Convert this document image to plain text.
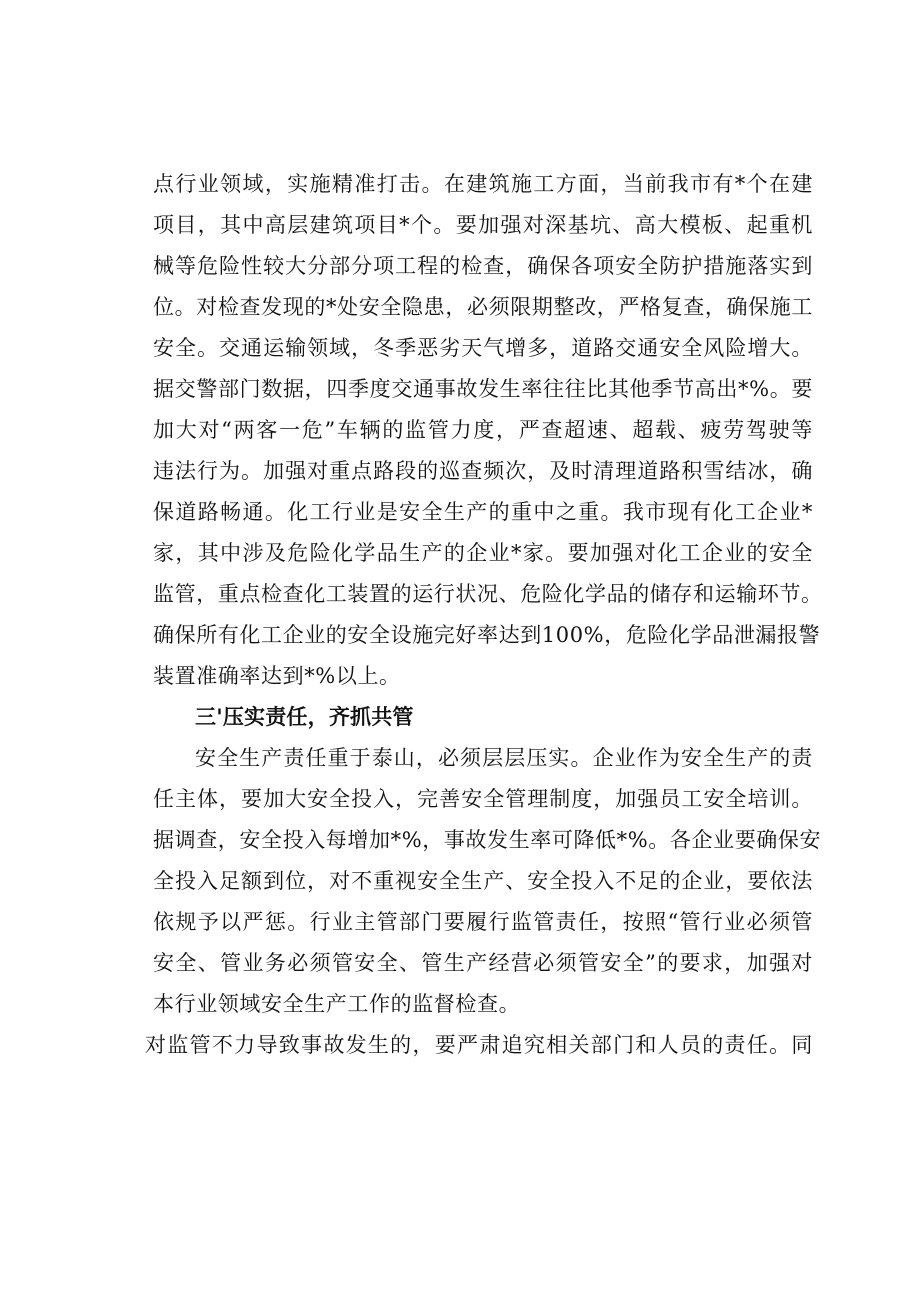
点行业领域，实施精准打击。在建筑施工方面，当前我市有*个在建
项目，其中高层建筑项目*个。要加强对深基坑、高大模板、起重机
械等危险性较大分部分项工程的检查，确保各项安全防护措施落实到
位。对检查发现的*处安全隐患，必须限期整改，严格复查，确保施工
安全。交通运输领域，冬季恶劣天气增多，道路交通安全风险增大。
据交警部门数据，四季度交通事故发生率往往比其他季节高出*%。要
加大对“两客一危”车辆的监管力度，严查超速、超载、疲劳驾驶等
违法行为。加强对重点路段的巡查频次，及时清理道路积雪结冰，确
保道路畅通。化工行业是安全生产的重中之重。我市现有化工企业*
家，其中涉及危险化学品生产的企业*家。要加强对化工企业的安全
监管，重点检查化工装置的运行状况、危险化学品的储存和运输环节。
确保所有化工企业的安全设施完好率达到100%，危险化学品泄漏报警
装置准确率达到*%以上。
三'压实责任，齐抓共管
安全生产责任重于泰山，必须层层压实。企业作为安全生产的责
任主体，要加大安全投入，完善安全管理制度，加强员工安全培训。
据调查，安全投入每增加*%，事故发生率可降低*%。各企业要确保安
全投入足额到位，对不重视安全生产、安全投入不足的企业，要依法
依规予以严惩。行业主管部门要履行监管责任，按照“管行业必须管
安全、管业务必须管安全、管生产经营必须管安全”的要求，加强对
本行业领域安全生产工作的监督检查。
对监管不力导致事故发生的，要严肃追究相关部门和人员的责任。同
